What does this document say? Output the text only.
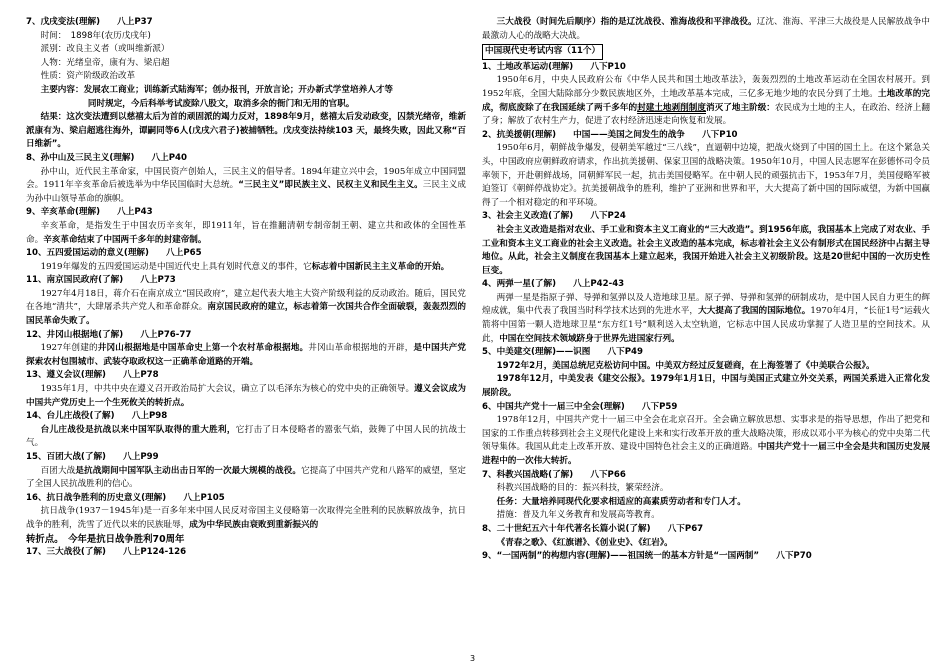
7、戊戌变法(理解)　　八上P37
时间：　1898年(农历戊戌年)
派别：改良主义者（或叫维新派）
人物：光绪皇帝，康有为、梁启超
性质：资产阶级政治改革
主要内容：发展农工商业；训练新式陆海军；创办报刊，开放言论；开办新式学堂培养人才等
同时规定，今后科举考试废除八股文，取消多余的衙门和无用的官职。
结果：这次变法遭到以慈禧太后为首的顽固派的竭力反对，1898年9月，慈禧太后发动政变，囚禁光绪帝，维新派康有为、梁启超逃往海外，谭嗣同等6人(戊戌六君子)被捕牺牲。戊戌变法持续103 天，最终失败，因此又称“百日维新”。
8、孙中山及三民主义(理解)　　八上P40
孙中山，近代民主革命家，中国民资产创始人，三民主义的倡导者。1894年建立兴中会，1905年成立中国同盟会。1911年辛亥革命后被选举为中华民国临时大总统。“三民主义”即民族主义、民权主义和民生主义。三民主义成为孙中山领导革命的旗帜。
9、辛亥革命(理解)　　八上P43
辛亥革命，是指发生于中国农历辛亥年，即1911年，旨在推翻清朝专制帝制王朝、建立共和政体的全国性革命。辛亥革命结束了中国两千多年的封建帝制。
10、五四爱国运动的意义(理解)　　八上P65
1919年爆发的五四爱国运动是中国近代史上具有划时代意义的事件，它标志着中国新民主主义革命的开始。
11、南京国民政府(了解)　　八上P73
1927年4月18日，蒋介石在南京成立“国民政府”，建立起代表大地主大资产阶级利益的反动政治。随后，国民党在各地“清共”，大肆屠杀共产党人和革命群众。南京国民政府的建立，标志着第一次国共合作全面破裂，轰轰烈烈的国民革命失败了。
12、井冈山根据地(了解)　　八上P76-77
1927年创建的井冈山根据地是中国革命史上第一个农村革命根据地。井冈山革命根据地的开辟，是中国共产党探索农村包围城市、武装夺取政权这一正确革命道路的开端。
13、遵义会议(理解)　　八上P78
1935年1月，中共中央在遵义召开政治局扩大会议，确立了以毛泽东为核心的党中央的正确领导。遵义会议成为中国共产党历史上一个生死攸关的转折点。
14、台儿庄战役(了解)　　八上P98
台儿庄战役是抗战以来中国军队取得的重大胜利，它打击了日本侵略者的嚣张气焰，鼓舞了中国人民的抗战士气。
15、百团大战(了解)　　八上P99
百团大战是抗战期间中国军队主动出击日军的一次最大规模的战役。它提高了中国共产党和八路军的威望，坚定了全国人民抗战胜利的信心。
16、抗日战争胜利的历史意义(理解)　　八上P105
抗日战争(1937－1945年)是一百多年来中国人民反对帝国主义侵略第一次取得完全胜利的民族解放战争，抗日战争的胜利，洗雪了近代以来的民族耻辱，成为中华民族由衰败到重新振兴的
转折点。　今年是抗日战争胜利70周年
17、三大战役(了解)　　八上P124-126
三大战役（时间先后顺序）指的是辽沈战役、淮海战役和平津战役。辽沈、淮海、平津三大战役是人民解放战争中最激动人心的战略大决战。
中国现代史考试内容（11个）
1、土地改革运动(理解)　　八下P10
1950年6月，中央人民政府公布《中华人民共和国土地改革法》，轰轰烈烈的土地改革运动在全国农村展开。到1952年底，全国大陆除部分少数民族地区外，土地改革基本完成，三亿多无地少地的农民分到了土地。土地改革的完成，彻底废除了在我国延续了两千多年的封建土地剥削制度消灭了地主阶级：农民成为土地的主人，在政治、经济上翻了身；解放了农村生产力，促进了农村经济迅速走向恢复和发展。
2、抗美援朝(理解)　　中国——美国之间发生的战争　　八下P10
1950年6月，朝鲜战争爆发，侵朝美军越过“三八线”，直逼朝中边境，把战火烧到了中国的国土上。在这个紧急关头，中国政府应朝鲜政府请求，作出抗美援朝、保家卫国的战略决策。1950年10月，中国人民志愿军在彭德怀司令员率领下，开赴朝鲜战场，同朝鲜军民一起，抗击美国侵略军。在中朝人民的顽强抗击下，1953年7月，美国侵略军被迫签订《朝鲜停战协定》。抗美援朝战争的胜利，维护了亚洲和世界和平，大大提高了新中国的国际威望，为新中国赢得了一个相对稳定的和平环境。
3、社会主义改造(了解)　　八下P24
社会主义改造是指对农业、手工业和资本主义工商业的“三大改造”。到1956年底，我国基本上完成了对农业、手工业和资本主义工商业的社会主义改造。社会主义改造的基本完成，标志着社会主义公有制形式在国民经济中占据主导地位。从此，社会主义制度在我国基本上建立起来，我国开始进入社会主义初级阶段。这是20世纪中国的一次历史性巨变。
4、两弹一星(了解)　　八上P42-43
两弹一星是指原子弹、导弹和氢弹以及人造地球卫星。原子弹、导弹和氢弹的研制成功，是中国人民自力更生的辉煌成就，集中代表了我国当时科学技术达到的先进水平，大大提高了我国的国际地位。1970年4月，“长征1号”运载火箭将中国第一颗人造地球卫星“东方红1号”顺利送入太空轨道，它标志中国人民成功掌握了人造卫星的空间技术。从此，中国在空间技术领域跻身于世界先进国家行列。
5、中美建交(理解)——识图　　八下P49
1972年2月，美国总统尼克松访问中国。中美双方经过反复磋商，在上海签署了《中美联合公报》。
1978年12月，中美发表《建交公报》。1979年1月1日，中国与美国正式建立外交关系，两国关系进入正常化发展阶段。
6、中国共产党十一届三中全会(理解)　　八下P59
1978年12月，中国共产党十一届三中全会在北京召开。全会确立解放思想、实事求是的指导思想，作出了把党和国家的工作重点转移到社会主义现代化建设上来和实行改革开放的重大战略决策，形成以邓小平为核心的党中央第二代领导集体。我国从此走上改革开放、建设中国特色社会主义的正确道路。中国共产党十一届三中全会是共和国历史发展进程中的一次伟大转折。
7、科教兴国战略(了解)　　八下P66
科教兴国战略的目的：振兴科技，繁荣经济。
任务：大量培养同现代化要求相适应的高素质劳动者和专门人才。
措施：普及九年义务教育和发展高等教育。
8、二十世纪五六十年代著名长篇小说(了解)　　八下P67
《青春之歌》、《红旗谱》、《创业史》、《红岩》。
9、“一国两制”的构想内容(理解)——祖国统一的基本方针是“一国两制”　　八下P70
3
